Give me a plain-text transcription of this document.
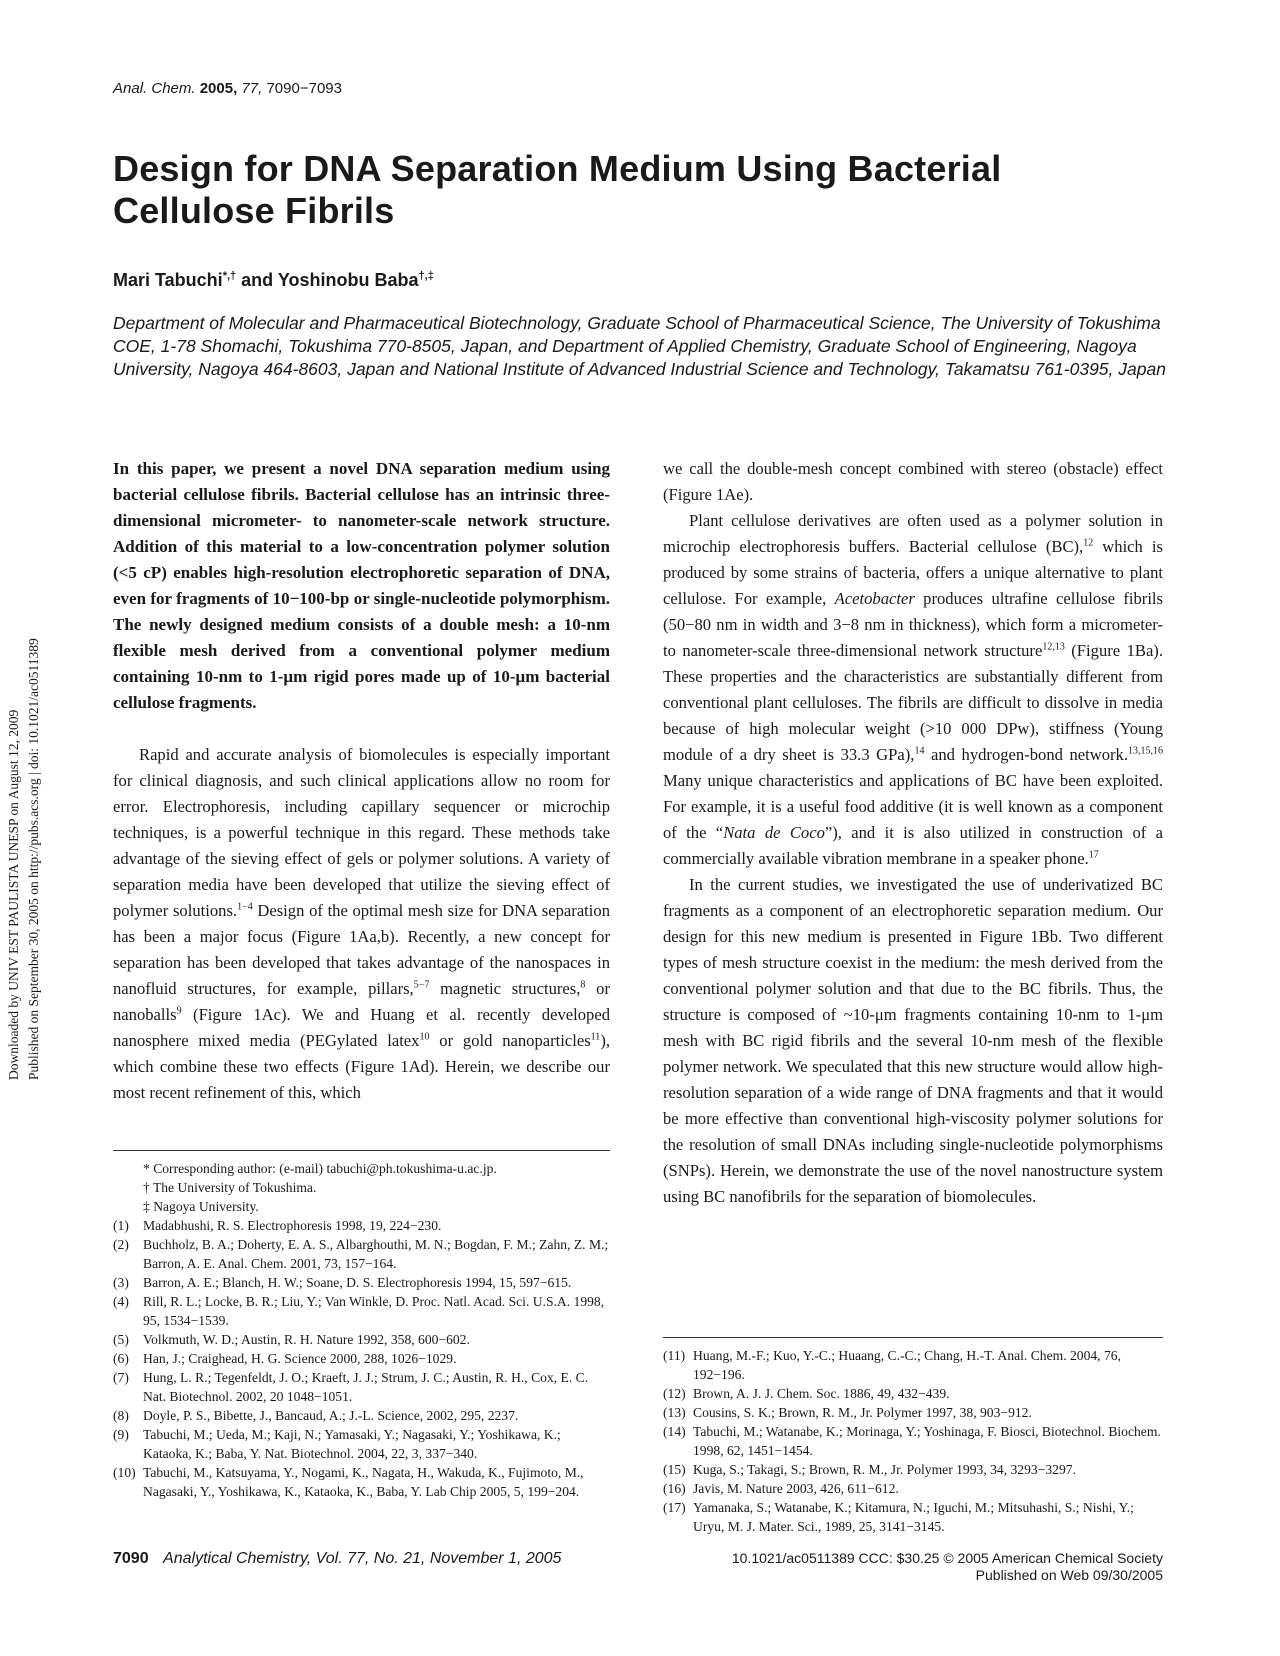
Anal. Chem. 2005, 77, 7090−7093
Design for DNA Separation Medium Using Bacterial Cellulose Fibrils
Mari Tabuchi*,† and Yoshinobu Baba†,‡
Department of Molecular and Pharmaceutical Biotechnology, Graduate School of Pharmaceutical Science, The University of Tokushima COE, 1-78 Shomachi, Tokushima 770-8505, Japan, and Department of Applied Chemistry, Graduate School of Engineering, Nagoya University, Nagoya 464-8603, Japan and National Institute of Advanced Industrial Science and Technology, Takamatsu 761-0395, Japan
Downloaded by UNIV EST PAULISTA UNESP on August 12, 2009 Published on September 30, 2005 on http://pubs.acs.org | doi: 10.1021/ac0511389

In this paper, we present a novel DNA separation medium using bacterial cellulose fibrils. Bacterial cellulose has an intrinsic three-dimensional micrometer- to nanometer-scale network structure. Addition of this material to a low-concentration polymer solution (<5 cP) enables high-resolution electrophoretic separation of DNA, even for fragments of 10−100-bp or single-nucleotide polymorphism. The newly designed medium consists of a double mesh: a 10-nm flexible mesh derived from a conventional polymer medium containing 10-nm to 1-μm rigid pores made up of 10-μm bacterial cellulose fragments.

Rapid and accurate analysis of biomolecules is especially important for clinical diagnosis, and such clinical applications allow no room for error. Electrophoresis, including capillary sequencer or microchip techniques, is a powerful technique in this regard. These methods take advantage of the sieving effect of gels or polymer solutions. A variety of separation media have been developed that utilize the sieving effect of polymer solutions.$^{1-4}$ Design of the optimal mesh size for DNA separation has been a major focus (Figure 1Aa,b). Recently, a new concept for separation has been developed that takes advantage of the nanospaces in nanofluid structures, for example, pillars,$^{5-7}$ magnetic structures,$^8$ or nanoballs$^9$ (Figure 1Ac). We and Huang et al. recently developed nanosphere mixed media (PEGylated latex$^{10}$ or gold nanoparticles$^{11}$), which combine these two effects (Figure 1Ad). Herein, we describe our most recent refinement of this, which

we call the double-mesh concept combined with stereo (obstacle) effect (Figure 1Ae).

Plant cellulose derivatives are often used as a polymer solution in microchip electrophoresis buffers. Bacterial cellulose (BC),$^{12}$ which is produced by some strains of bacteria, offers a unique alternative to plant cellulose. For example, Acetobacter produces ultrafine cellulose fibrils (50−80 nm in width and 3−8 nm in thickness), which form a micrometer- to nanometer-scale three-dimensional network structure$^{12,13}$ (Figure 1Ba). These properties and the characteristics are substantially different from conventional plant celluloses. The fibrils are difficult to dissolve in media because of high molecular weight (>10 000 DPw), stiffness (Young module of a dry sheet is 33.3 GPa),$^{14}$ and hydrogen-bond network.$^{13,15,16}$ Many unique characteristics and applications of BC have been exploited. For example, it is a useful food additive (it is well known as a component of the “Nata de Coco”), and it is also utilized in construction of a commercially available vibration membrane in a speaker phone.$^{17}$

In the current studies, we investigated the use of underivatized BC fragments as a component of an electrophoretic separation medium. Our design for this new medium is presented in Figure 1Bb. Two different types of mesh structure coexist in the medium: the mesh derived from the conventional polymer solution and that due to the BC fibrils. Thus, the structure is composed of ~10-μm fragments containing 10-nm to 1-μm mesh with BC rigid fibrils and the several 10-nm mesh of the flexible polymer network. We speculated that this new structure would allow high-resolution separation of a wide range of DNA fragments and that it would be more effective than conventional high-viscosity polymer solutions for the resolution of small DNAs including single-nucleotide polymorphisms (SNPs). Herein, we demonstrate the use of the novel nanostructure system using BC nanofibrils for the separation of biomolecules.

* Corresponding author: (e-mail) tabuchi@ph.tokushima-u.ac.jp.
† The University of Tokushima.
‡ Nagoya University.
(1)	Madabhushi, R. S. Electrophoresis 1998, 19, 224−230.
(2)	Buchholz, B. A.; Doherty, E. A. S., Albarghouthi, M. N.; Bogdan, F. M.; Zahn, Z. M.; Barron, A. E. Anal. Chem. 2001, 73, 157−164.
(3)	Barron, A. E.; Blanch, H. W.; Soane, D. S. Electrophoresis 1994, 15, 597−615.
(4)	Rill, R. L.; Locke, B. R.; Liu, Y.; Van Winkle, D. Proc. Natl. Acad. Sci. U.S.A. 1998, 95, 1534−1539.
(5)	Volkmuth, W. D.; Austin, R. H. Nature 1992, 358, 600−602.
(6)	Han, J.; Craighead, H. G. Science 2000, 288, 1026−1029.
(7)	Hung, L. R.; Tegenfeldt, J. O.; Kraeft, J. J.; Strum, J. C.; Austin, R. H., Cox, E. C. Nat. Biotechnol. 2002, 20 1048−1051.
(8)	Doyle, P. S., Bibette, J., Bancaud, A.; J.-L. Science, 2002, 295, 2237.
(9)	Tabuchi, M.; Ueda, M.; Kaji, N.; Yamasaki, Y.; Nagasaki, Y.; Yoshikawa, K.; Kataoka, K.; Baba, Y. Nat. Biotechnol. 2004, 22, 3, 337−340.
(10) Tabuchi, M., Katsuyama, Y., Nogami, K., Nagata, H., Wakuda, K., Fujimoto, M., Nagasaki, Y., Yoshikawa, K., Kataoka, K., Baba, Y. Lab Chip 2005, 5, 199−204.
(11) Huang, M.-F.; Kuo, Y.-C.; Huaang, C.-C.; Chang, H.-T. Anal. Chem. 2004, 76, 192−196.
(12) Brown, A. J. J. Chem. Soc. 1886, 49, 432−439.
(13) Cousins, S. K.; Brown, R. M., Jr. Polymer 1997, 38, 903−912.
(14) Tabuchi, M.; Watanabe, K.; Morinaga, Y.; Yoshinaga, F. Biosci, Biotechnol. Biochem. 1998, 62, 1451−1454.
(15) Kuga, S.; Takagi, S.; Brown, R. M., Jr. Polymer 1993, 34, 3293−3297.
(16) Javis, M. Nature 2003, 426, 611−612.
(17) Yamanaka, S.; Watanabe, K.; Kitamura, N.; Iguchi, M.; Mitsuhashi, S.; Nishi, Y.; Uryu, M. J. Mater. Sci., 1989, 25, 3141−3145.
7090 Analytical Chemistry, Vol. 77, No. 21, November 1, 2005	10.1021/ac0511389 CCC: $30.25 © 2005 American Chemical Society
Published on Web 09/30/2005
